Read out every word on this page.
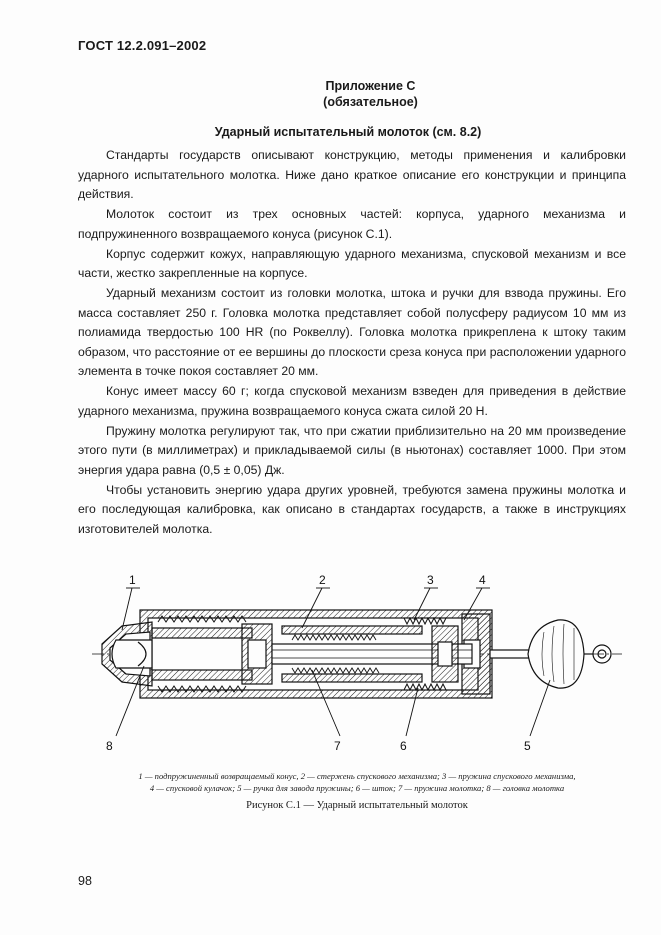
ГОСТ 12.2.091–2002
Приложение С
(обязательное)
Ударный испытательный молоток (см. 8.2)

Стандарты государств описывают конструкцию, методы применения и калибровки ударного испытательного молотка. Ниже дано краткое описание его конструкции и принципа действия.

Молоток состоит из трех основных частей: корпуса, ударного механизма и подпружиненного возвращаемого конуса (рисунок С.1).

Корпус содержит кожух, направляющую ударного механизма, спусковой механизм и все части, жестко закрепленные на корпусе.

Ударный механизм состоит из головки молотка, штока и ручки для взвода пружины. Его масса составляет 250 г. Головка молотка представляет собой полусферу радиусом 10 мм из полиамида твердостью 100 HR (по Роквеллу). Головка молотка прикреплена к штоку таким образом, что расстояние от ее вершины до плоскости среза конуса при расположении ударного элемента в точке покоя составляет 20 мм.

Конус имеет массу 60 г; когда спусковой механизм взведен для приведения в действие ударного механизма, пружина возвращаемого конуса сжата силой 20 Н.

Пружину молотка регулируют так, что при сжатии приблизительно на 20 мм произведение этого пути (в миллиметрах) и прикладываемой силы (в ньютонах) составляет 1000. При этом энергия удара равна (0,5 ± 0,05) Дж.

Чтобы установить энергию удара других уровней, требуются замена пружины молотка и его последующая калибровка, как описано в стандартах государств, а также в инструкциях изготовителей молотка.

1	2	3	4
5
6
7
8
1 — подпружиненный возвращаемый конус, 2 — стержень спускового механизма; 3 — пружина спускового механизма,
4 — спусковой кулачок; 5 — ручка для завода пружины; 6 — шток; 7 — пружина молотка; 8 — головка молотка
Рисунок С.1 — Ударный испытательный молоток
98
